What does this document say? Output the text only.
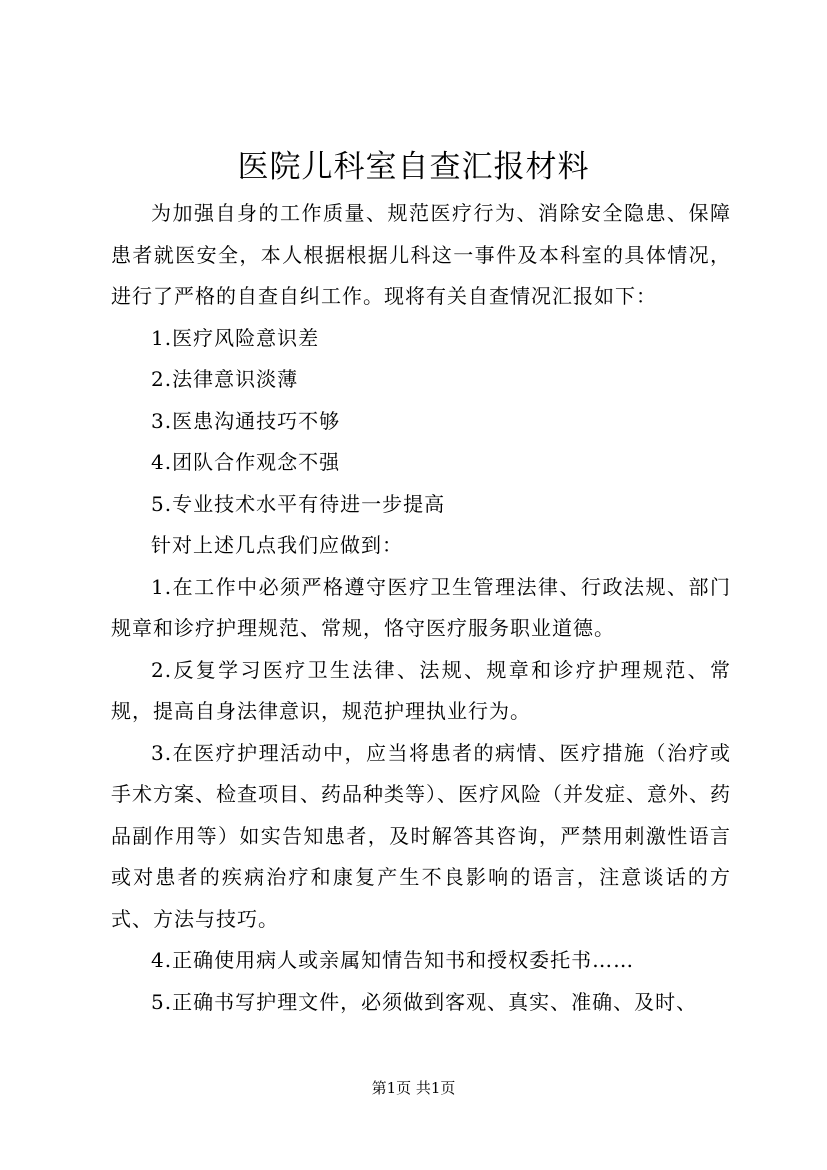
医院儿科室自查汇报材料

为加强自身的工作质量、规范医疗行为、消除安全隐患、保障患者就医安全，本人根据根据儿科这一事件及本科室的具体情况，进行了严格的自查自纠工作。现将有关自查情况汇报如下：

1.医疗风险意识差

2.法律意识淡薄

3.医患沟通技巧不够

4.团队合作观念不强

5.专业技术水平有待进一步提高

针对上述几点我们应做到：

1.在工作中必须严格遵守医疗卫生管理法律、行政法规、部门规章和诊疗护理规范、常规，恪守医疗服务职业道德。

2.反复学习医疗卫生法律、法规、规章和诊疗护理规范、常规，提高自身法律意识，规范护理执业行为。

3.在医疗护理活动中，应当将患者的病情、医疗措施（治疗或手术方案、检查项目、药品种类等）、医疗风险（并发症、意外、药品副作用等）如实告知患者，及时解答其咨询，严禁用刺激性语言或对患者的疾病治疗和康复产生不良影响的语言，注意谈话的方式、方法与技巧。

4.正确使用病人或亲属知情告知书和授权委托书……

5.正确书写护理文件，必须做到客观、真实、准确、及时、

第1页 共1页
